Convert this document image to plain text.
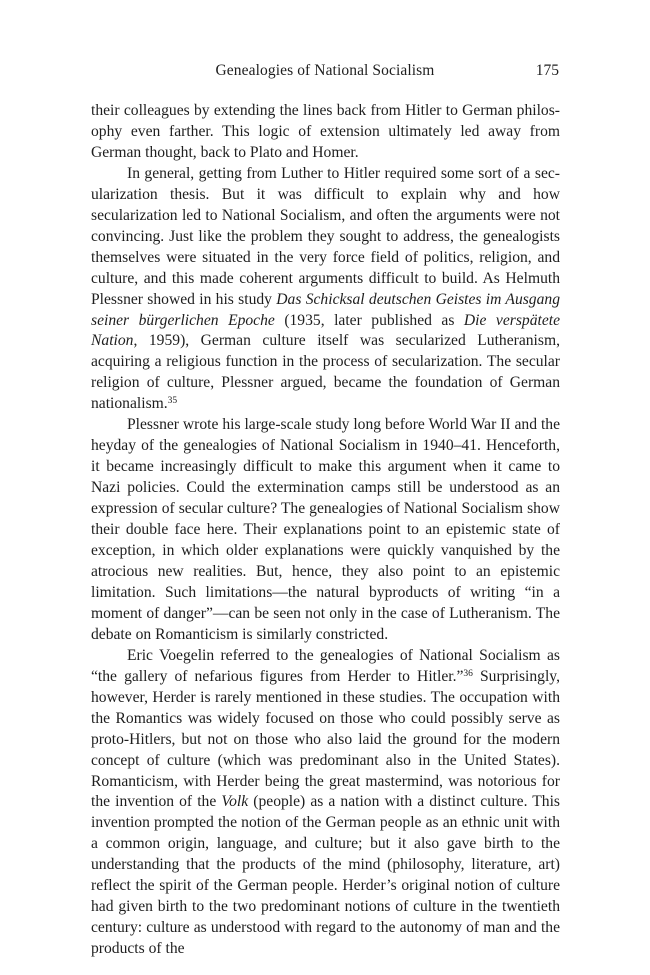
Genealogies of National Socialism	175

their colleagues by extending the lines back from Hitler to German philosophy even farther. This logic of extension ultimately led away from German thought, back to Plato and Homer.

In general, getting from Luther to Hitler required some sort of a secularization thesis. But it was difficult to explain why and how secularization led to National Socialism, and often the arguments were not convincing. Just like the problem they sought to address, the genealogists themselves were situated in the very force field of politics, religion, and culture, and this made coherent arguments difficult to build. As Helmuth Plessner showed in his study Das Schicksal deutschen Geistes im Ausgang seiner bürgerlichen Epoche (1935, later published as Die verspätete Nation, 1959), German culture itself was secularized Lutheranism, acquiring a religious function in the process of secularization. The secular religion of culture, Plessner argued, became the foundation of German nationalism.$^{35}$

Plessner wrote his large-scale study long before World War II and the heyday of the genealogies of National Socialism in 1940–41. Henceforth, it became increasingly difficult to make this argument when it came to Nazi policies. Could the extermination camps still be understood as an expression of secular culture? The genealogies of National Socialism show their double face here. Their explanations point to an epistemic state of exception, in which older explanations were quickly vanquished by the atrocious new realities. But, hence, they also point to an epistemic limitation. Such limitations—the natural byproducts of writing “in a moment of danger”—can be seen not only in the case of Lutheranism. The debate on Romanticism is similarly constricted.

Eric Voegelin referred to the genealogies of National Socialism as “the gallery of nefarious figures from Herder to Hitler.”$^{36}$ Surprisingly, however, Herder is rarely mentioned in these studies. The occupation with the Romantics was widely focused on those who could possibly serve as proto-Hitlers, but not on those who also laid the ground for the modern concept of culture (which was predominant also in the United States). Romanticism, with Herder being the great mastermind, was notorious for the invention of the Volk (people) as a nation with a distinct culture. This invention prompted the notion of the German people as an ethnic unit with a common origin, language, and culture; but it also gave birth to the understanding that the products of the mind (philosophy, literature, art) reflect the spirit of the German people. Herder’s original notion of culture had given birth to the two predominant notions of culture in the twentieth century: culture as understood with regard to the autonomy of man and the products of the
